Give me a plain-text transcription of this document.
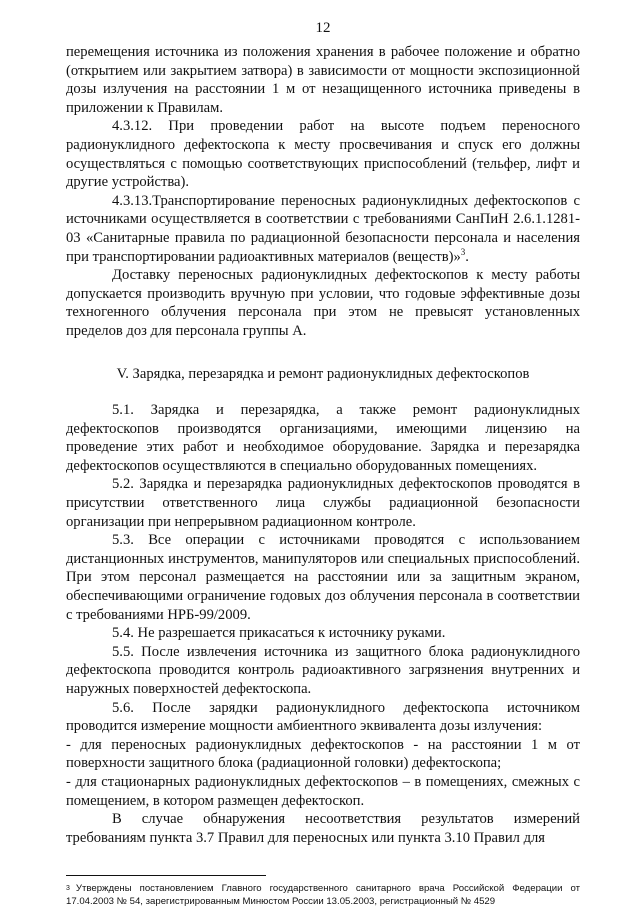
12

перемещения источника из положения хранения в рабочее положение и обратно (открытием или закрытием затвора) в зависимости от мощности экспозиционной дозы излучения на расстоянии 1 м от незащищенного источника приведены в приложении к Правилам.

4.3.12. При проведении работ на высоте подъем переносного радионуклидного дефектоскопа к месту просвечивания и спуск его должны осуществляться с помощью соответствующих приспособлений (тельфер, лифт и другие устройства).

4.3.13.Транспортирование переносных радионуклидных дефектоскопов с источниками осуществляется в соответствии с требованиями СанПиН 2.6.1.1281-03 «Санитарные правила по радиационной безопасности персонала и населения при транспортировании радиоактивных материалов (веществ)»$^3$.

Доставку переносных радионуклидных дефектоскопов к месту работы допускается производить вручную при условии, что годовые эффективные дозы техногенного облучения персонала при этом не превысят установленных пределов доз для персонала группы А.

V. Зарядка, перезарядка и ремонт радионуклидных дефектоскопов

5.1. Зарядка и перезарядка, а также ремонт радионуклидных дефектоскопов производятся организациями, имеющими лицензию на проведение этих работ и необходимое оборудование. Зарядка и перезарядка дефектоскопов осуществляются в специально оборудованных помещениях.

5.2. Зарядка и перезарядка радионуклидных дефектоскопов проводятся в присутствии ответственного лица службы радиационной безопасности организации при непрерывном радиационном контроле.

5.3. Все операции с источниками проводятся с использованием дистанционных инструментов, манипуляторов или специальных приспособлений. При этом персонал размещается на расстоянии или за защитным экраном, обеспечивающими ограничение годовых доз облучения персонала в соответствии с требованиями НРБ-99/2009.

5.4. Не разрешается прикасаться к источнику руками.

5.5. После извлечения источника из защитного блока радионуклидного дефектоскопа проводится контроль радиоактивного загрязнения внутренних и наружных поверхностей дефектоскопа.

5.6. После зарядки радионуклидного дефектоскопа источником проводится измерение мощности амбиентного эквивалента дозы излучения:

- для переносных радионуклидных дефектоскопов - на расстоянии 1 м от поверхности защитного блока (радиационной головки) дефектоскопа;

- для стационарных радионуклидных дефектоскопов – в помещениях, смежных с помещением, в котором размещен дефектоскоп.

В случае обнаружения несоответствия результатов измерений требованиям пункта 3.7 Правил для переносных или пункта 3.10 Правил для

$^3$ Утверждены постановлением Главного государственного санитарного врача Российской Федерации от 17.04.2003 № 54, зарегистрированным Минюстом России 13.05.2003, регистрационный № 4529
